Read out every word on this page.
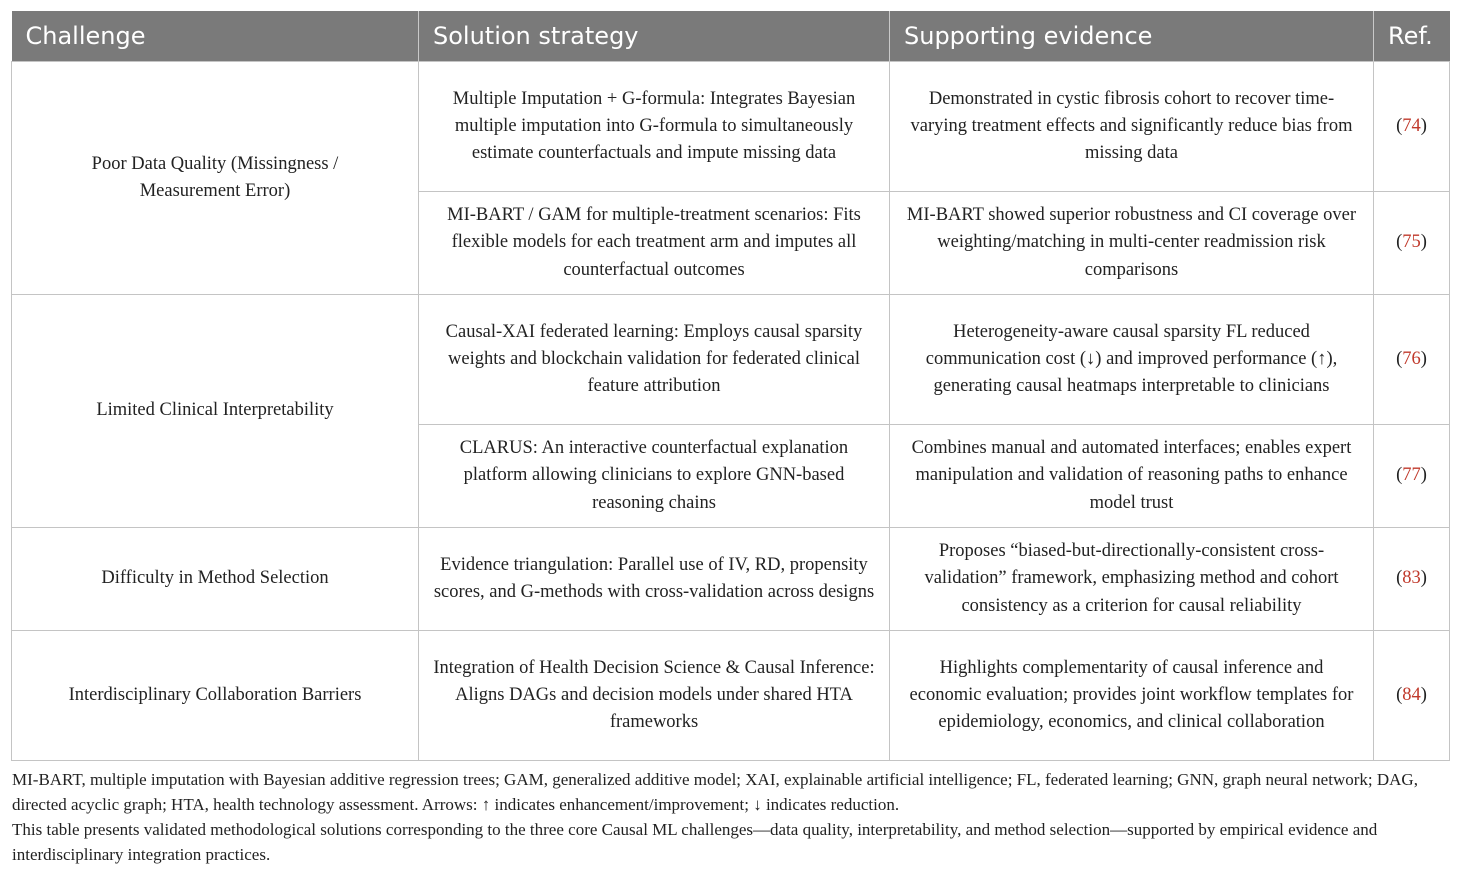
Challenge	Solution strategy	Supporting evidence	Ref.
Poor Data Quality (Missingness / Measurement Error)	Multiple Imputation + G-formula: Integrates Bayesian multiple imputation into G-formula to simultaneously estimate counterfactuals and impute missing data	Demonstrated in cystic fibrosis cohort to recover time-varying treatment effects and significantly reduce bias from missing data	(74)
	MI-BART / GAM for multiple-treatment scenarios: Fits flexible models for each treatment arm and imputes all counterfactual outcomes	MI-BART showed superior robustness and CI coverage over weighting/matching in multi-center readmission risk comparisons	(75)
Limited Clinical Interpretability	Causal-XAI federated learning: Employs causal sparsity weights and blockchain validation for federated clinical feature attribution	Heterogeneity-aware causal sparsity FL reduced communication cost (↓) and improved performance (↑), generating causal heatmaps interpretable to clinicians	(76)
	CLARUS: An interactive counterfactual explanation platform allowing clinicians to explore GNN-based reasoning chains	Combines manual and automated interfaces; enables expert manipulation and validation of reasoning paths to enhance model trust	(77)
Difficulty in Method Selection	Evidence triangulation: Parallel use of IV, RD, propensity scores, and G-methods with cross-validation across designs	Proposes “biased-but-directionally-consistent cross-validation” framework, emphasizing method and cohort consistency as a criterion for causal reliability	(83)
Interdisciplinary Collaboration Barriers	Integration of Health Decision Science & Causal Inference: Aligns DAGs and decision models under shared HTA frameworks	Highlights complementarity of causal inference and economic evaluation; provides joint workflow templates for epidemiology, economics, and clinical collaboration	(84)

MI-BART, multiple imputation with Bayesian additive regression trees; GAM, generalized additive model; XAI, explainable artificial intelligence; FL, federated learning; GNN, graph neural network; DAG, directed acyclic graph; HTA, health technology assessment. Arrows: ↑ indicates enhancement/improvement; ↓ indicates reduction.

This table presents validated methodological solutions corresponding to the three core Causal ML challenges—data quality, interpretability, and method selection—supported by empirical evidence and interdisciplinary integration practices.
